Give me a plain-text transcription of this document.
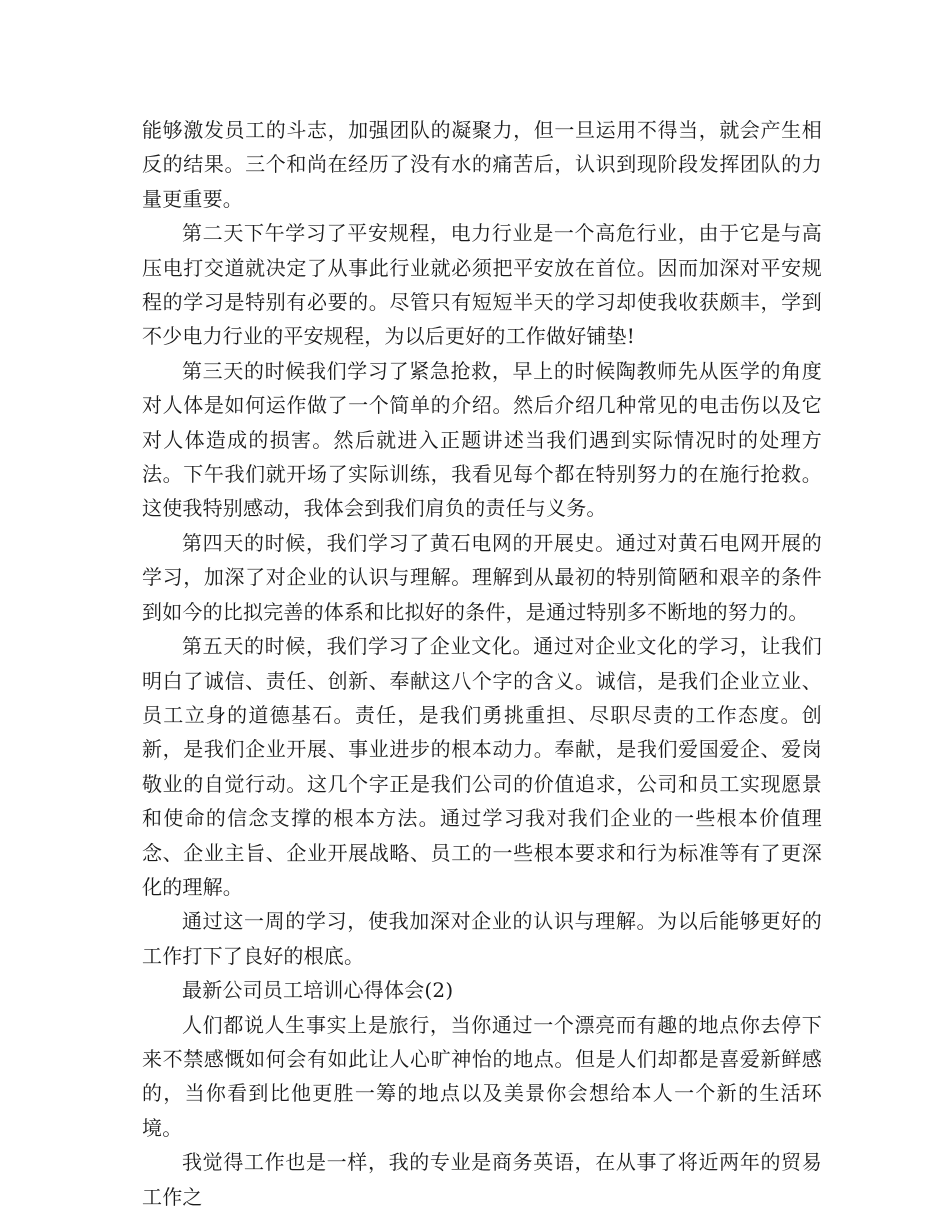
能够激发员工的斗志，加强团队的凝聚力，但一旦运用不得当，就会产生相反的结果。三个和尚在经历了没有水的痛苦后，认识到现阶段发挥团队的力量更重要。

第二天下午学习了平安规程，电力行业是一个高危行业，由于它是与高压电打交道就决定了从事此行业就必须把平安放在首位。因而加深对平安规程的学习是特别有必要的。尽管只有短短半天的学习却使我收获颇丰，学到不少电力行业的平安规程，为以后更好的工作做好铺垫!

第三天的时候我们学习了紧急抢救，早上的时候陶教师先从医学的角度对人体是如何运作做了一个简单的介绍。然后介绍几种常见的电击伤以及它对人体造成的损害。然后就进入正题讲述当我们遇到实际情况时的处理方法。下午我们就开场了实际训练，我看见每个都在特别努力的在施行抢救。这使我特别感动，我体会到我们肩负的责任与义务。

第四天的时候，我们学习了黄石电网的开展史。通过对黄石电网开展的学习，加深了对企业的认识与理解。理解到从最初的特别简陋和艰辛的条件到如今的比拟完善的体系和比拟好的条件，是通过特别多不断地的努力的。

第五天的时候，我们学习了企业文化。通过对企业文化的学习，让我们明白了诚信、责任、创新、奉献这八个字的含义。诚信，是我们企业立业、员工立身的道德基石。责任，是我们勇挑重担、尽职尽责的工作态度。创新，是我们企业开展、事业进步的根本动力。奉献，是我们爱国爱企、爱岗敬业的自觉行动。这几个字正是我们公司的价值追求，公司和员工实现愿景和使命的信念支撑的根本方法。通过学习我对我们企业的一些根本价值理念、企业主旨、企业开展战略、员工的一些根本要求和行为标准等有了更深化的理解。

通过这一周的学习，使我加深对企业的认识与理解。为以后能够更好的工作打下了良好的根底。

最新公司员工培训心得体会(2)

人们都说人生事实上是旅行，当你通过一个漂亮而有趣的地点你去停下来不禁感慨如何会有如此让人心旷神怡的地点。但是人们却都是喜爱新鲜感的，当你看到比他更胜一筹的地点以及美景你会想给本人一个新的生活环境。

我觉得工作也是一样，我的专业是商务英语，在从事了将近两年的贸易工作之
